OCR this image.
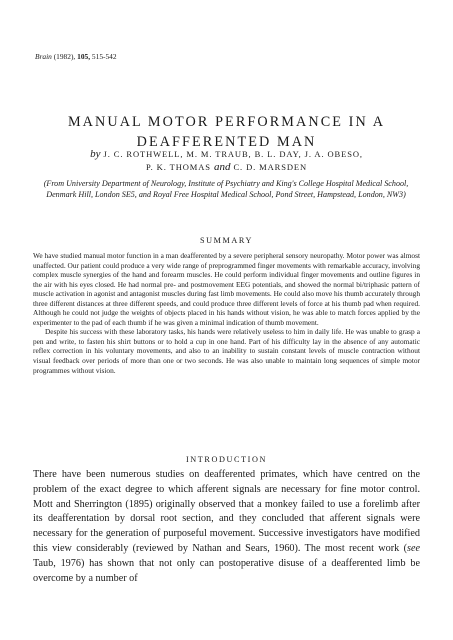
Brain (1982), 105, 515-542
MANUAL MOTOR PERFORMANCE IN A
DEAFFERENTED MAN
by J. C. ROTHWELL, M. M. TRAUB, B. L. DAY, J. A. OBESO,
P. K. THOMAS and C. D. MARSDEN
(From University Department of Neurology, Institute of Psychiatry and King's College Hospital Medical School, Denmark Hill, London SE5, and Royal Free Hospital Medical School, Pond Street, Hampstead, London, NW3)
SUMMARY

We have studied manual motor function in a man deafferented by a severe peripheral sensory neuropathy. Motor power was almost unaffected. Our patient could produce a very wide range of preprogrammed finger movements with remarkable accuracy, involving complex muscle synergies of the hand and forearm muscles. He could perform individual finger movements and outline figures in the air with his eyes closed. He had normal pre- and postmovement EEG potentials, and showed the normal bi/triphasic pattern of muscle activation in agonist and antagonist muscles during fast limb movements. He could also move his thumb accurately through three different distances at three different speeds, and could produce three different levels of force at his thumb pad when required. Although he could not judge the weights of objects placed in his hands without vision, he was able to match forces applied by the experimenter to the pad of each thumb if he was given a minimal indication of thumb movement.

Despite his success with these laboratory tasks, his hands were relatively useless to him in daily life. He was unable to grasp a pen and write, to fasten his shirt buttons or to hold a cup in one hand. Part of his difficulty lay in the absence of any automatic reflex correction in his voluntary movements, and also to an inability to sustain constant levels of muscle contraction without visual feedback over periods of more than one or two seconds. He was also unable to maintain long sequences of simple motor programmes without vision.

INTRODUCTION

There have been numerous studies on deafferented primates, which have centred on the problem of the exact degree to which afferent signals are necessary for fine motor control. Mott and Sherrington (1895) originally observed that a monkey failed to use a forelimb after its deafferentation by dorsal root section, and they concluded that afferent signals were necessary for the generation of purposeful movement. Successive investigators have modified this view considerably (reviewed by Nathan and Sears, 1960). The most recent work (see Taub, 1976) has shown that not only can postoperative disuse of a deafferented limb be overcome by a number of
